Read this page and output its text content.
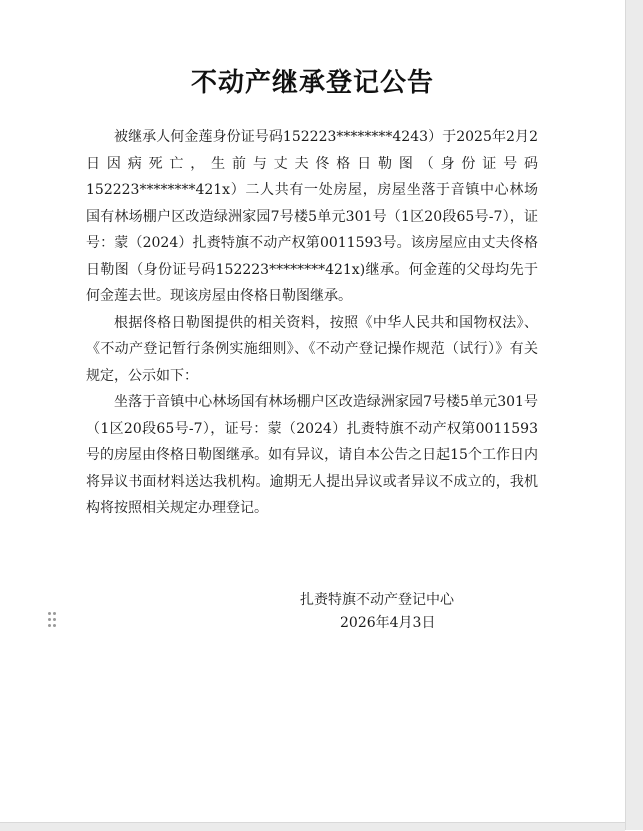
不动产继承登记公告

被继承人何金莲身份证号码152223********4243）于2025年2月2日因病死亡，生前与丈夫佟格日勒图（身份证号码152223********421x）二人共有一处房屋，房屋坐落于音镇中心林场国有林场棚户区改造绿洲家园7号楼5单元301号（1区20段65号-7），证号：蒙（2024）扎赉特旗不动产权第0011593号。该房屋应由丈夫佟格日勒图（身份证号码152223********421x)继承。何金莲的父母均先于何金莲去世。现该房屋由佟格日勒图继承。

根据佟格日勒图提供的相关资料，按照《中华人民共和国物权法》、《不动产登记暂行条例实施细则》、《不动产登记操作规范（试行）》有关规定，公示如下：

坐落于音镇中心林场国有林场棚户区改造绿洲家园7号楼5单元301号（1区20段65号-7），证号：蒙（2024）扎赉特旗不动产权第0011593号的房屋由佟格日勒图继承。如有异议，请自本公告之日起15个工作日内将异议书面材料送达我机构。逾期无人提出异议或者异议不成立的，我机构将按照相关规定办理登记。

扎赉特旗不动产登记中心
2026年4月3日
